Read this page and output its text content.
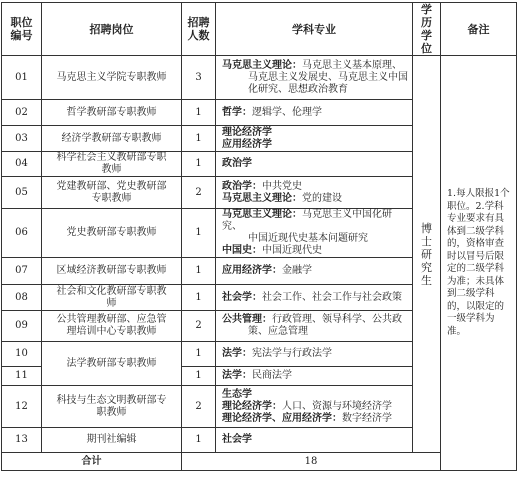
职位编号	招聘岗位	招聘人数	学科专业	学历学位	备注
01	马克思主义学院专职教师	3	马克思主义理论：马克思主义基本原理、
马克思主义发展史、马克思主义中国
化研究、思想政治教育	博士研究生	1.每人限报1个职位。2.学科专业要求有具体到二级学科的，资格审查时以冒号后限定的二级学科为准；未具体到二级学科的，以限定的一级学科为准。
02	哲学教研部专职教师	1	哲学：逻辑学、伦理学		

03	经济学教研部专职教师	1	理论经济学
应用经济学		

04	科学社会主义教研部专职教师	1	政治学		

05	党建教研部、党史教研部专职教师	2	政治学：中共党史
马克思主义理论：党的建设		

06	党史教研部专职教师	1	马克思主义理论：马克思主义中国化研究、
中国近现代史基本问题研究
中国史：中国近现代史		

07	区域经济教研部专职教师	1	应用经济学：金融学		

08	社会和文化教研部专职教师	1	社会学：社会工作、社会工作与社会政策		

09	公共管理教研部、应急管理培训中心专职教师	2	公共管理：行政管理、领导科学、公共政
策、应急管理		

10	法学教研部专职教师	1	法学：宪法学与行政法学		

11		1	法学：民商法学		

12	科技与生态文明教研部专职教师	2	生态学
理论经济学：人口、资源与环境经济学
理论经济学、应用经济学：数字经济学		

13	期刊社编辑	1	社会学		

合计		18			
